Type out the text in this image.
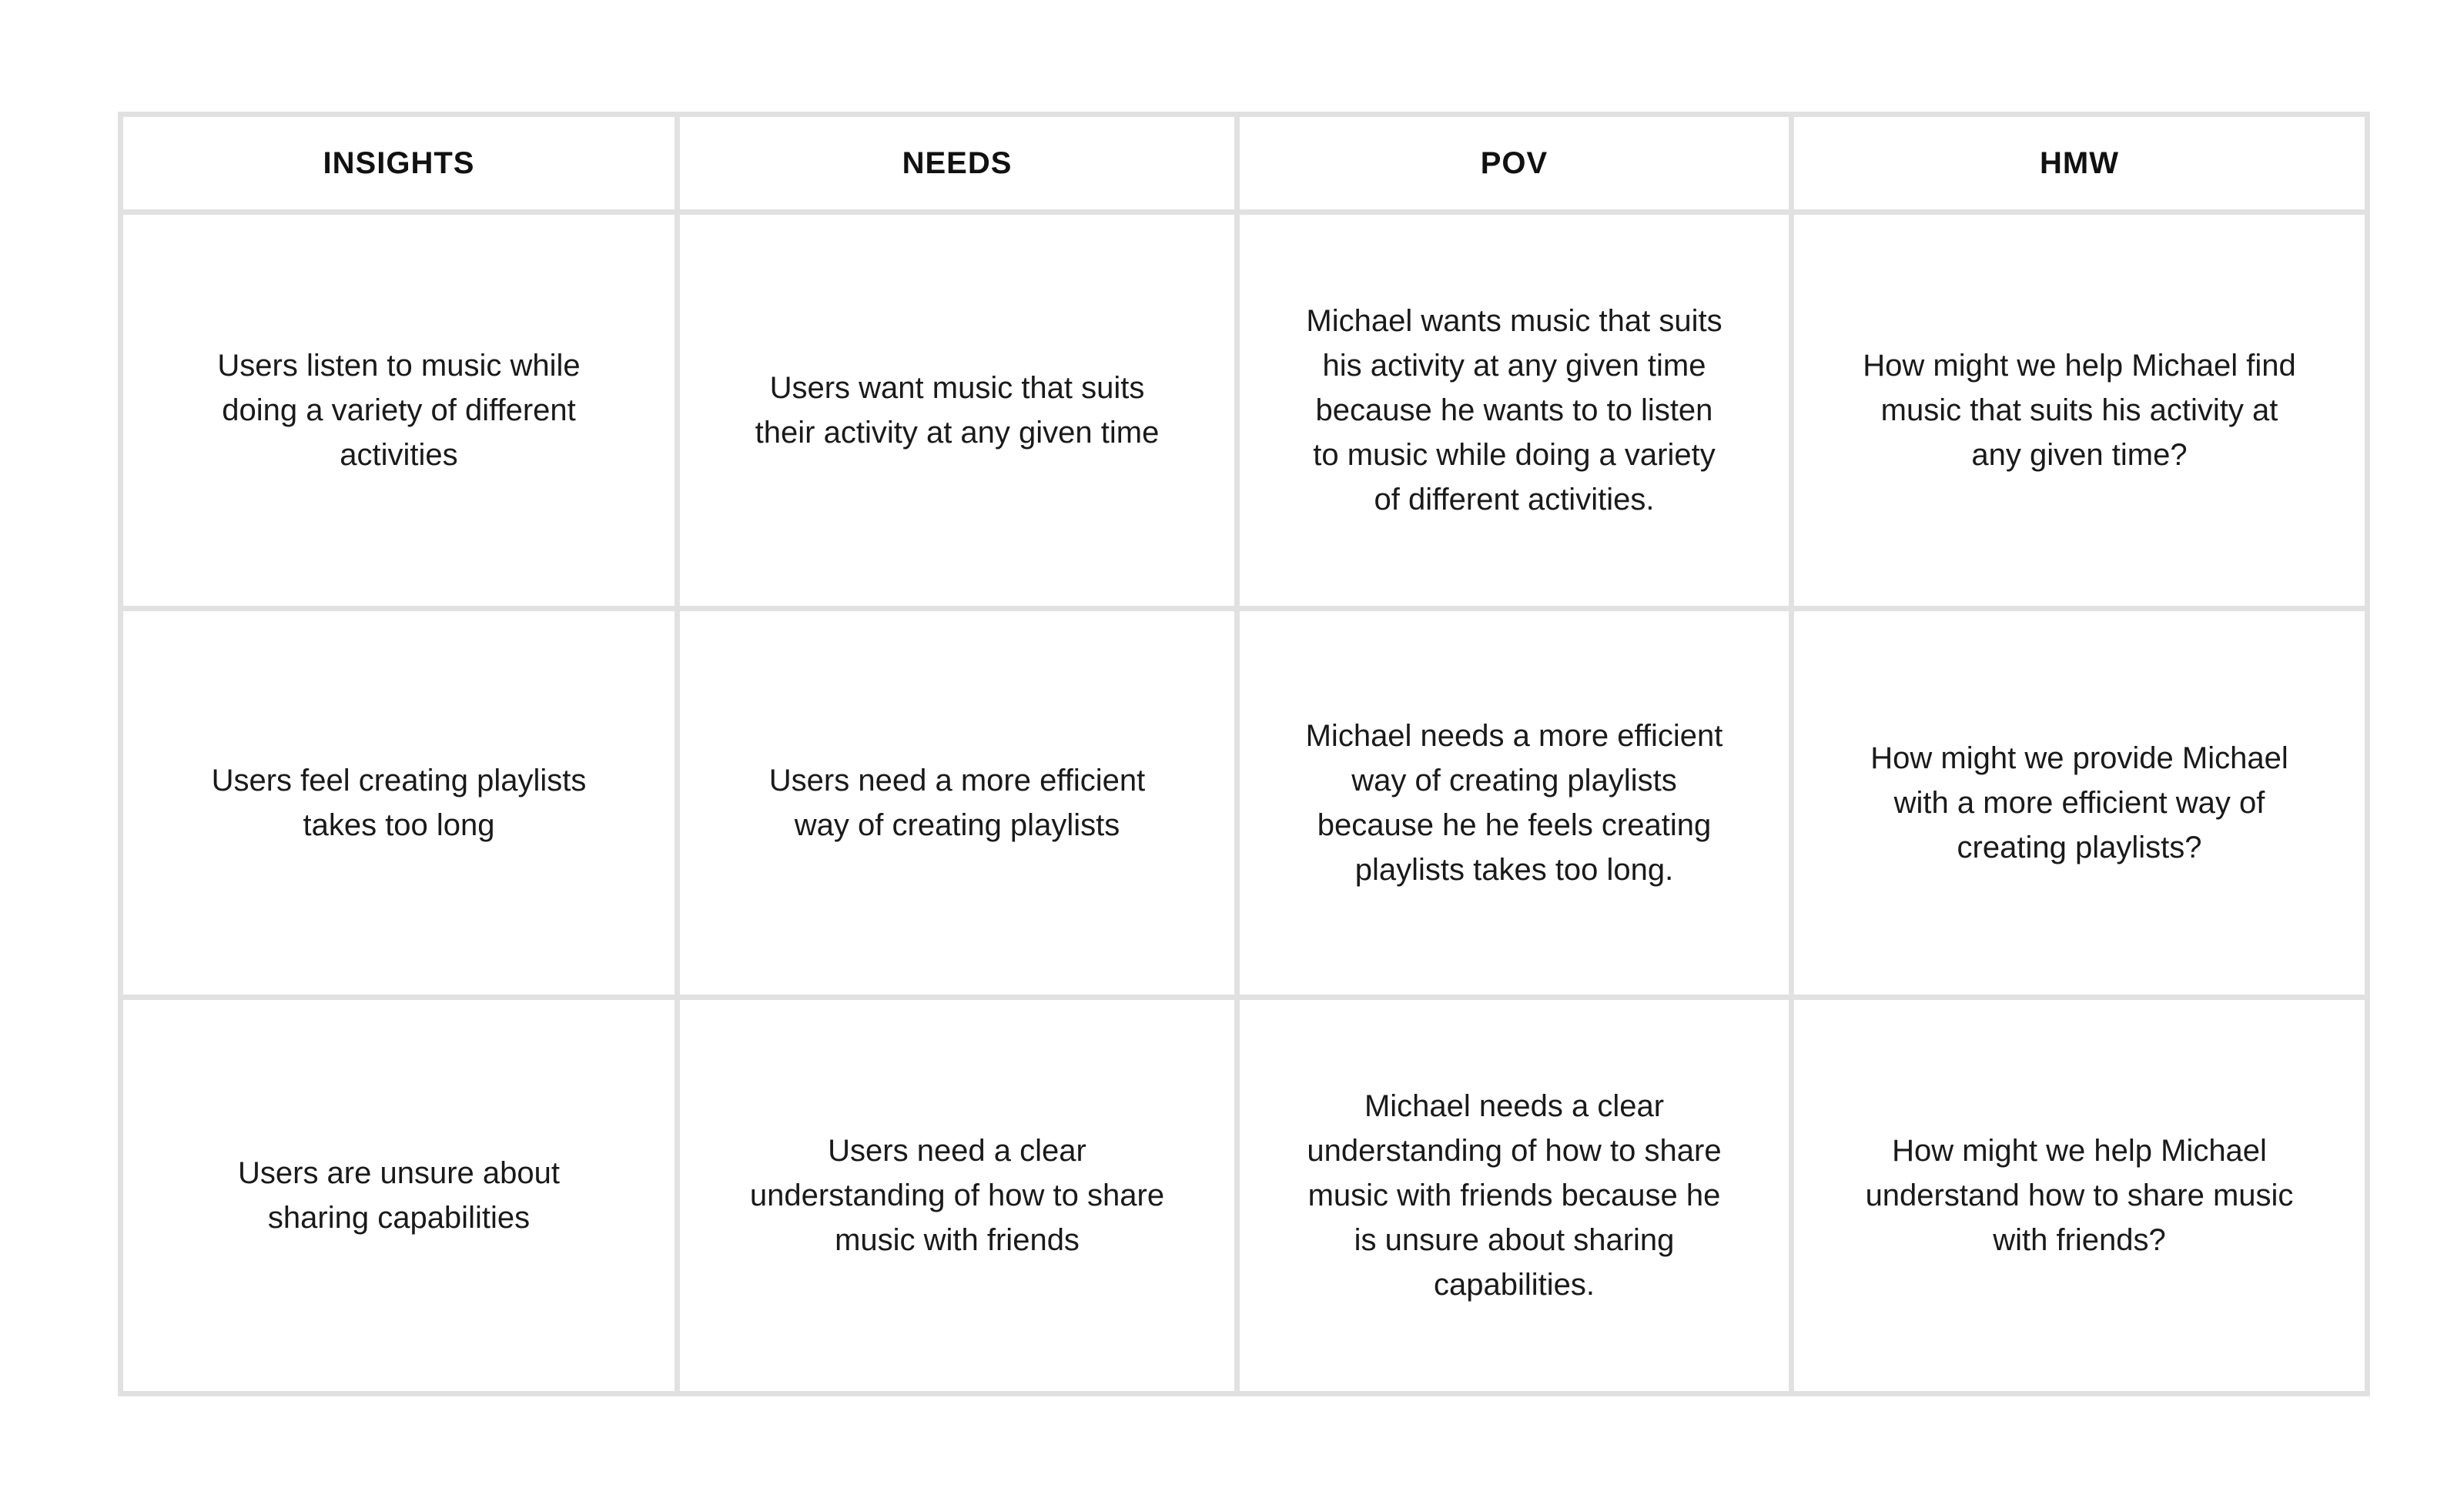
INSIGHTS	NEEDS	POV	HMW
Users listen to music while doing a variety of different activities	Users want music that suits their activity at any given time	Michael wants music that suits his activity at any given time because he wants to to listen to music while doing a variety of different activities.	How might we help Michael find music that suits his activity at any given time?
Users feel creating playlists takes too long	Users need a more efficient way of creating playlists	Michael needs a more efficient way of creating playlists because he he feels creating playlists takes too long.	How might we provide Michael with a more efficient way of creating playlists?
Users are unsure about sharing capabilities	Users need a clear understanding of how to share music with friends	Michael needs a clear understanding of how to share music with friends because he is unsure about sharing capabilities.	How might we help Michael understand how to share music with friends?
